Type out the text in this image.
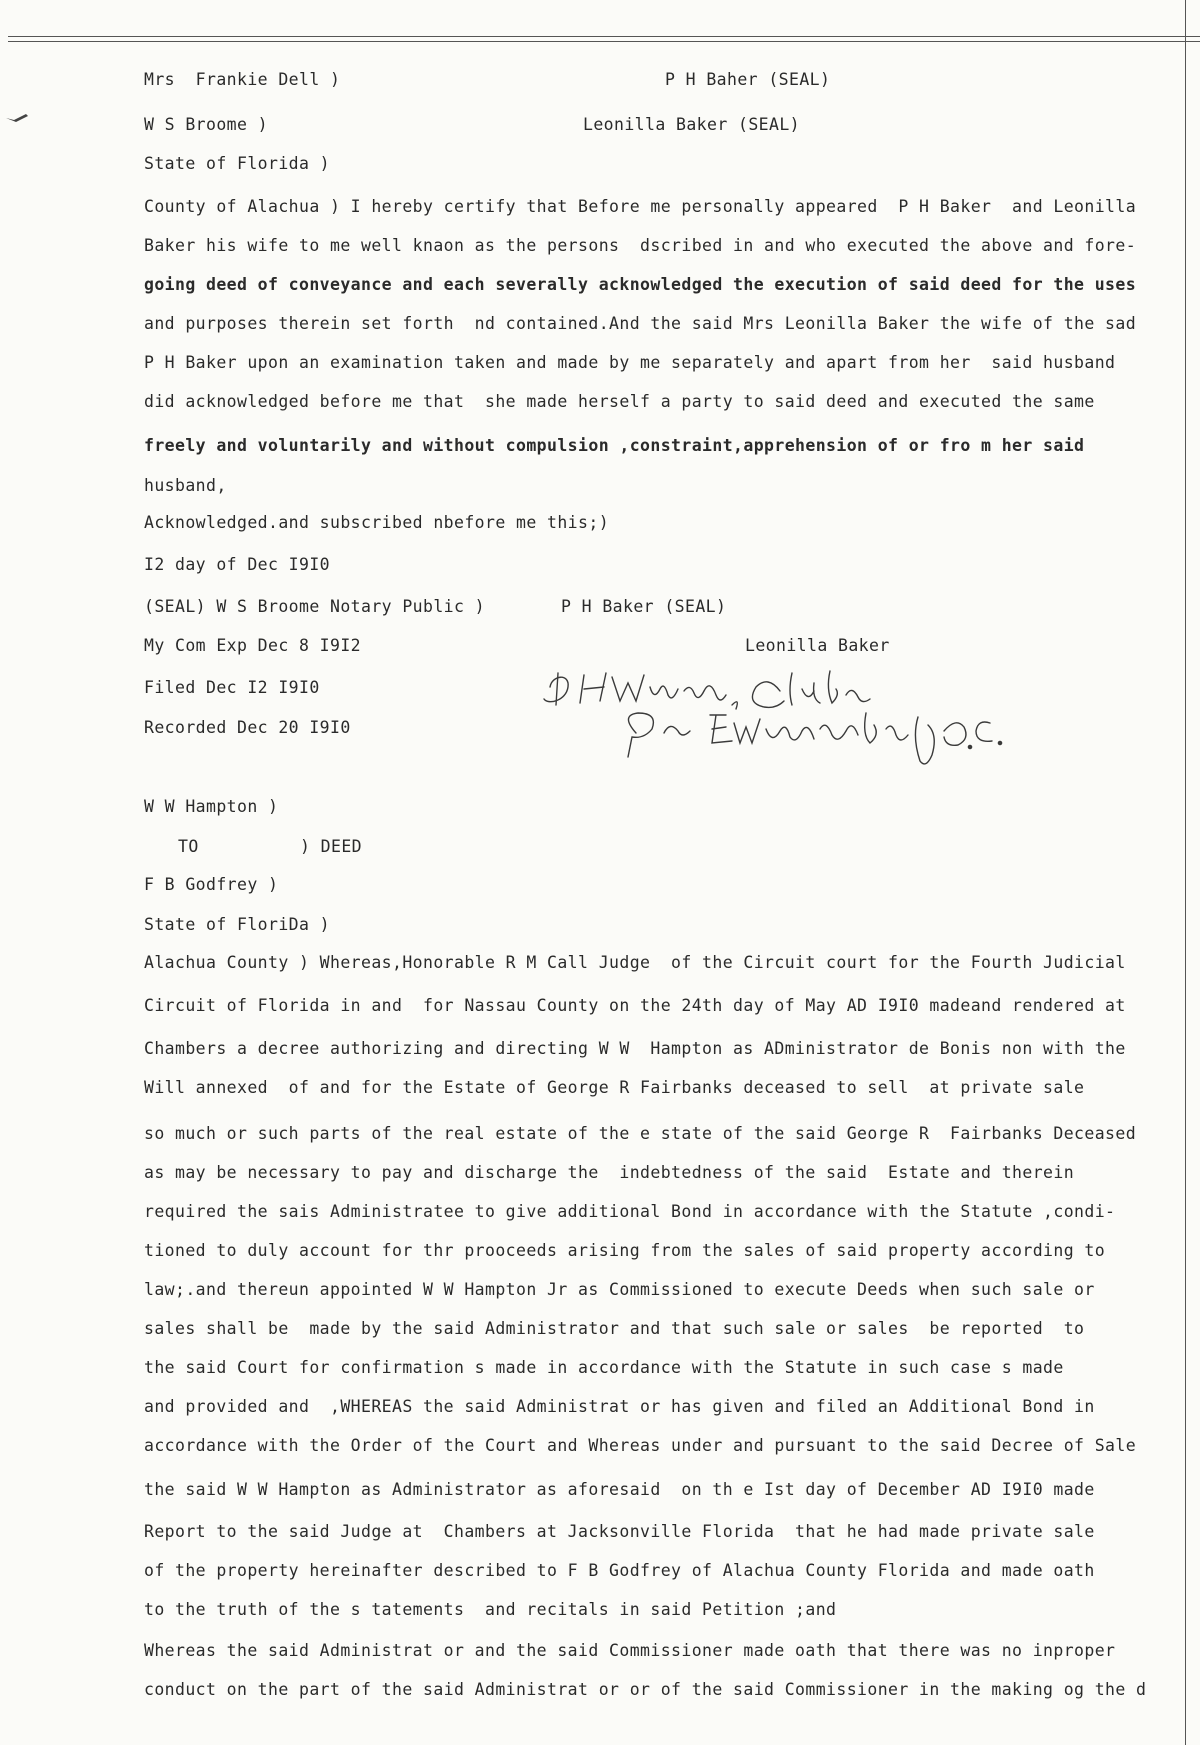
Mrs  Frankie Dell )	P H Baher (SEAL)
W S Broome )	Leonilla Baker (SEAL)
State of Florida )
County of Alachua ) I hereby certify that Before me personally appeared  P H Baker  and Leonilla
Baker his wife to me well knaon as the persons  dscribed in and who executed the above and fore-
going deed of conveyance and each severally acknowledged the execution of said deed for the uses
and purposes therein set forth  nd contained.And the said Mrs Leonilla Baker the wife of the sad
P H Baker upon an examination taken and made by me separately and apart from her  said husband
did acknowledged before me that  she made herself a party to said deed and executed the same
freely and voluntarily and without compulsion ,constraint,apprehension of or fro m her said
husband,
Acknowledged.and subscribed nbefore me this;)
I2 day of Dec I9I0
(SEAL) W S Broome Notary Public )	P H Baker (SEAL)
My Com Exp Dec 8 I9I2	Leonilla Baker
Filed Dec I2 I9I0
Recorded Dec 20 I9I0
W W Hampton )
TO	) DEED
F B Godfrey )
State of FloriDa )
Alachua County ) Whereas,Honorable R M Call Judge  of the Circuit court for the Fourth Judicial
Circuit of Florida in and  for Nassau County on the 24th day of May AD I9I0 madeand rendered at
Chambers a decree authorizing and directing W W  Hampton as ADministrator de Bonis non with the
Will annexed  of and for the Estate of George R Fairbanks deceased to sell  at private sale
so much or such parts of the real estate of the e state of the said George R  Fairbanks Deceased
as may be necessary to pay and discharge the  indebtedness of the said  Estate and therein
required the sais Administratee to give additional Bond in accordance with the Statute ,condi-
tioned to duly account for thr prooceeds arising from the sales of said property according to
law;.and thereun appointed W W Hampton Jr as Commissioned to execute Deeds when such sale or
sales shall be  made by the said Administrator and that such sale or sales  be reported  to
the said Court for confirmation s made in accordance with the Statute in such case s made
and provided and  ,WHEREAS the said Administrat or has given and filed an Additional Bond in
accordance with the Order of the Court and Whereas under and pursuant to the said Decree of Sale
the said W W Hampton as Administrator as aforesaid  on th e Ist day of December AD I9I0 made
Report to the said Judge at  Chambers at Jacksonville Florida  that he had made private sale
of the property hereinafter described to F B Godfrey of Alachua County Florida and made oath
to the truth of the s tatements  and recitals in said Petition ;and
Whereas the said Administrat or and the said Commissioner made oath that there was no inproper
conduct on the part of the said Administrat or or of the said Commissioner in the making og the d
